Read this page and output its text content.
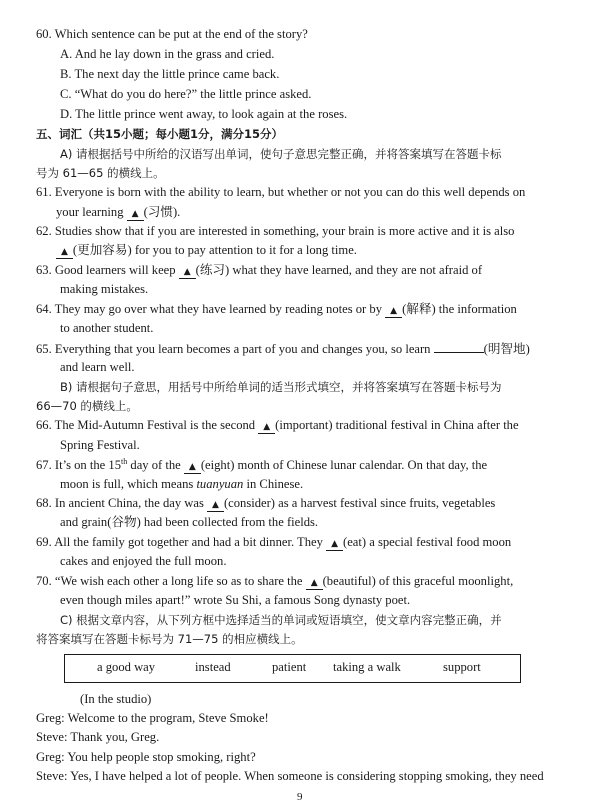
60. Which sentence can be put at the end of the story?
A. And he lay down in the grass and cried.
B. The next day the little prince came back.
C. “What do you do here?” the little prince asked.
D. The little prince went away, to look again at the roses.
五、词汇（共15小题；每小题1分，满分15分）
A) 请根据括号中所给的汉语写出单词，使句子意思完整正确，并将答案填写在答题卡标
号为 61—65 的横线上。
61. Everyone is born with the ability to learn, but whether or not you can do this well depends on
your learning ▲ (习惯).
62. Studies show that if you are interested in something, your brain is more active and it is also
▲ (更加容易) for you to pay attention to it for a long time.
63. Good learners will keep ▲ (练习) what they have learned, and they are not afraid of
making mistakes.
64. They may go over what they have learned by reading notes or by ▲ (解释) the information
to another student.
65. Everything that you learn becomes a part of you and changes you, so learn	(明智地)
and learn well.
B) 请根据句子意思，用括号中所给单词的适当形式填空，并将答案填写在答题卡标号为
66—70 的横线上。
66. The Mid-Autumn Festival is the second ▲ (important) traditional festival in China after the
Spring Festival.
67. It’s on the 15th day of the ▲ (eight) month of Chinese lunar calendar. On that day, the
moon is full, which means tuanyuan in Chinese.
68. In ancient China, the day was ▲ (consider) as a harvest festival since fruits, vegetables
and grain(谷物) had been collected from the fields.
69. All the family got together and had a bit dinner. They ▲ (eat) a special festival food moon
cakes and enjoyed the full moon.
70. “We wish each other a long life so as to share the ▲ (beautiful) of this graceful moonlight,
even though miles apart!” wrote Su Shi, a famous Song dynasty poet.
C) 根据文章内容，从下列方框中选择适当的单词或短语填空，使文章内容完整正确，并
将答案填写在答题卡标号为 71—75 的相应横线上。
a good way	instead	patient taking a walk	support
(In the studio)
Greg: Welcome to the program, Steve Smoke!
Steve: Thank you, Greg.
Greg: You help people stop smoking, right?
Steve: Yes, I have helped a lot of people. When someone is considering stopping smoking, they need
9
